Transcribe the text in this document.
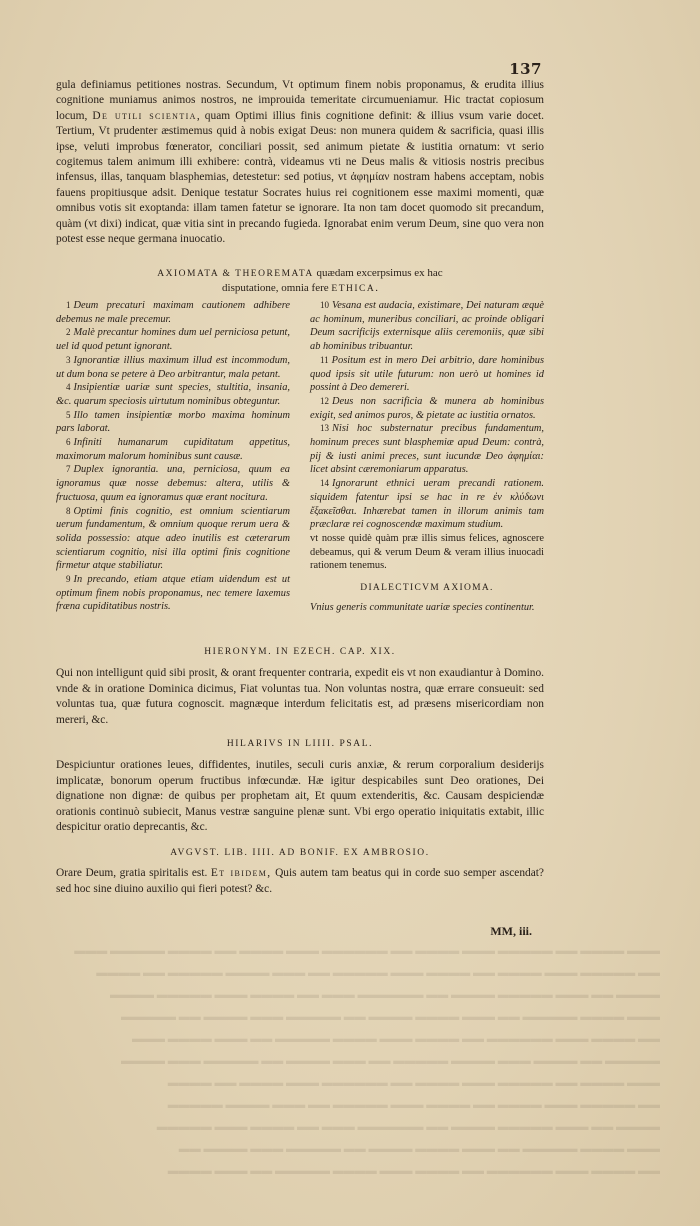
137

gula definiamus petitiones nostras. Secundum, Vt optimum finem nobis proponamus, & erudita illius cognitione muniamus animos nostros, ne improuida temeritate circumueniamur. Hic tractat copiosum locum, De utili scientia, quam Optimi illius finis cognitione definit: & illius vsum varie docet. Tertium, Vt prudenter æstimemus quid à nobis exigat Deus: non munera quidem & sacrificia, quasi illis ipse, veluti improbus fœnerator, conciliari possit, sed animum pietate & iustitia ornatum: vt serio cogitemus talem animum illi exhibere: contrà, videamus vti ne Deus malis & vitiosis nostris precibus infensus, illas, tanquam blasphemias, detestetur: sed potius, vt ἀφημίαν nostram habens acceptam, nobis fauens propitiusque adsit. Denique testatur Socrates huius rei cognitionem esse maximi momenti, quæ omnibus votis sit exoptanda: illam tamen fatetur se ignorare. Ita non tam docet quomodo sit precandum, quàm (vt dixi) indicat, quæ vitia sint in precando fugieda. Ignorabat enim verum Deum, sine quo vera non potest esse neque germana inuocatio.

AXIOMATA & THEOREMATA quædam excerpsimus ex hac
disputatione, omnia fere ETHICA.

1 Deum precaturi maximam cautionem adhibere debemus ne male precemur.

2 Malè precantur homines dum uel perniciosa petunt, uel id quod petunt ignorant.

3 Ignorantiæ illius maximum illud est incommodum, ut dum bona se petere à Deo arbitrantur, mala petant.

4 Insipientiæ uariæ sunt species, stultitia, insania, &c. quarum speciosis uirtutum nominibus obteguntur.

5 Illo tamen insipientiæ morbo maxima hominum pars laborat.

6 Infiniti humanarum cupiditatum appetitus, maximorum malorum hominibus sunt causæ.

7 Duplex ignorantia. una, perniciosa, quum ea ignoramus quæ nosse debemus: altera, utilis & fructuosa, quum ea ignoramus quæ erant nocitura.

8 Optimi finis cognitio, est omnium scientiarum uerum fundamentum, & omnium quoque rerum uera & solida possessio: atque adeo inutilis est cæterarum scientiarum cognitio, nisi illa optimi finis cognitione firmetur atque stabiliatur.

9 In precando, etiam atque etiam uidendum est ut optimum finem nobis proponamus, nec temere laxemus fræna cupiditatibus nostris.

10 Vesana est audacia, existimare, Dei naturam æquè ac hominum, muneribus conciliari, ac proinde obligari Deum sacrificijs externisque aliis ceremoniis, quæ sibi ab hominibus tribuantur.

11 Positum est in mero Dei arbitrio, dare hominibus quod ipsis sit utile futurum: non uerò ut homines id possint à Deo demereri.

12 Deus non sacrificia & munera ab hominibus exigit, sed animos puros, & pietate ac iustitia ornatos.

13 Nisi hoc substernatur precibus fundamentum, hominum preces sunt blasphemiæ apud Deum: contrà, pij & iusti animi preces, sunt iucundæ Deo ἀφημίαι: licet absint cæremoniarum apparatus.

14 Ignorarunt ethnici ueram precandi rationem. siquidem fatentur ipsi se hac in re ἐν κλύδωνι ἔξακεῖσθαι. Inhærebat tamen in illorum animis tam præclaræ rei cognoscendæ maximum studium.

vt nosse quidè quàm præ illis simus felices, agnoscere debeamus, qui & verum Deum & veram illius inuocadi rationem tenemus.

DIALECTICVM AXIOMA.

Vnius generis communitate uariæ species continentur.

HIERONYM. IN EZECH. CAP. XIX.

Qui non intelligunt quid sibi prosit, & orant frequenter contraria, expedit eis vt non exaudiantur à Domino. vnde & in oratione Dominica dicimus, Fiat voluntas tua. Non voluntas nostra, quæ errare consueuit: sed voluntas tua, quæ futura cognoscit. magnæque interdum felicitatis est, ad præsens misericordiam non mereri, &c.

HILARIVS IN LIIII. PSAL.

Despiciuntur orationes leues, diffidentes, inutiles, seculi curis anxiæ, & rerum corporalium desiderijs implicatæ, bonorum operum fructibus infœcundæ. Hæ igitur despicabiles sunt Deo orationes, Dei dignatione non dignæ: de quibus per prophetam ait, Et quum extenderitis, &c. Causam despiciendæ orationis continuò subiecit, Manus vestræ sanguine plenæ sunt. Vbi ergo operatio iniquitatis extabit, illic despicitur oratio deprecantis, &c.

AVGVST. LIB. IIII. AD BONIF. EX AMBROSIO.

Orare Deum, gratia spiritalis est. Et ibidem, Quis autem tam beatus qui in corde suo semper ascendat? sed hoc sine diuino auxilio qui fieri potest? &c.

MM, iii.
▬▬▬ ▬▬▬▬ ▬▬ ▬▬▬▬▬ ▬▬▬ ▬▬▬▬ ▬▬ ▬▬▬▬▬▬ ▬▬▬ ▬▬▬▬ ▬▬ ▬▬▬▬ ▬▬▬▬▬ ▬▬▬
▬▬ ▬▬▬▬▬ ▬▬▬ ▬▬▬▬ ▬▬ ▬▬▬▬ ▬▬▬ ▬▬▬▬▬ ▬▬ ▬▬▬ ▬▬▬▬ ▬▬▬▬▬ ▬▬ ▬▬▬▬
▬▬▬▬ ▬▬ ▬▬▬ ▬▬▬▬▬ ▬▬▬▬ ▬▬ ▬▬▬▬▬▬ ▬▬▬ ▬▬ ▬▬▬▬ ▬▬▬ ▬▬▬▬▬ ▬▬▬▬
▬▬▬ ▬▬▬▬ ▬▬▬▬▬ ▬▬ ▬▬▬ ▬▬▬▬ ▬▬▬▬ ▬▬ ▬▬▬▬▬ ▬▬▬ ▬▬▬▬ ▬▬ ▬▬▬▬▬
▬▬ ▬▬▬▬ ▬▬▬ ▬▬▬▬▬▬ ▬▬ ▬▬▬▬ ▬▬▬ ▬▬▬▬ ▬▬▬▬▬ ▬▬ ▬▬▬ ▬▬▬▬ ▬▬▬
▬▬▬▬▬ ▬▬ ▬▬▬▬ ▬▬▬ ▬▬▬▬ ▬▬▬▬▬ ▬▬ ▬▬▬ ▬▬▬▬ ▬▬ ▬▬▬▬▬ ▬▬▬ ▬▬▬▬
▬▬▬ ▬▬▬▬ ▬▬ ▬▬▬▬▬ ▬▬▬ ▬▬▬▬ ▬▬ ▬▬▬▬▬▬ ▬▬▬ ▬▬▬▬ ▬▬ ▬▬▬▬
▬▬ ▬▬▬▬▬ ▬▬▬ ▬▬▬▬ ▬▬ ▬▬▬▬ ▬▬▬ ▬▬▬▬▬ ▬▬ ▬▬▬ ▬▬▬▬ ▬▬▬▬▬
▬▬▬▬ ▬▬ ▬▬▬ ▬▬▬▬▬ ▬▬▬▬ ▬▬ ▬▬▬▬▬▬ ▬▬▬ ▬▬ ▬▬▬▬ ▬▬▬ ▬▬▬▬▬
▬▬▬ ▬▬▬▬ ▬▬▬▬▬ ▬▬ ▬▬▬ ▬▬▬▬ ▬▬▬▬ ▬▬ ▬▬▬▬▬ ▬▬▬ ▬▬▬▬ ▬▬
▬▬ ▬▬▬▬ ▬▬▬ ▬▬▬▬▬▬ ▬▬ ▬▬▬▬ ▬▬▬ ▬▬▬▬ ▬▬▬▬▬ ▬▬ ▬▬▬ ▬▬▬▬
